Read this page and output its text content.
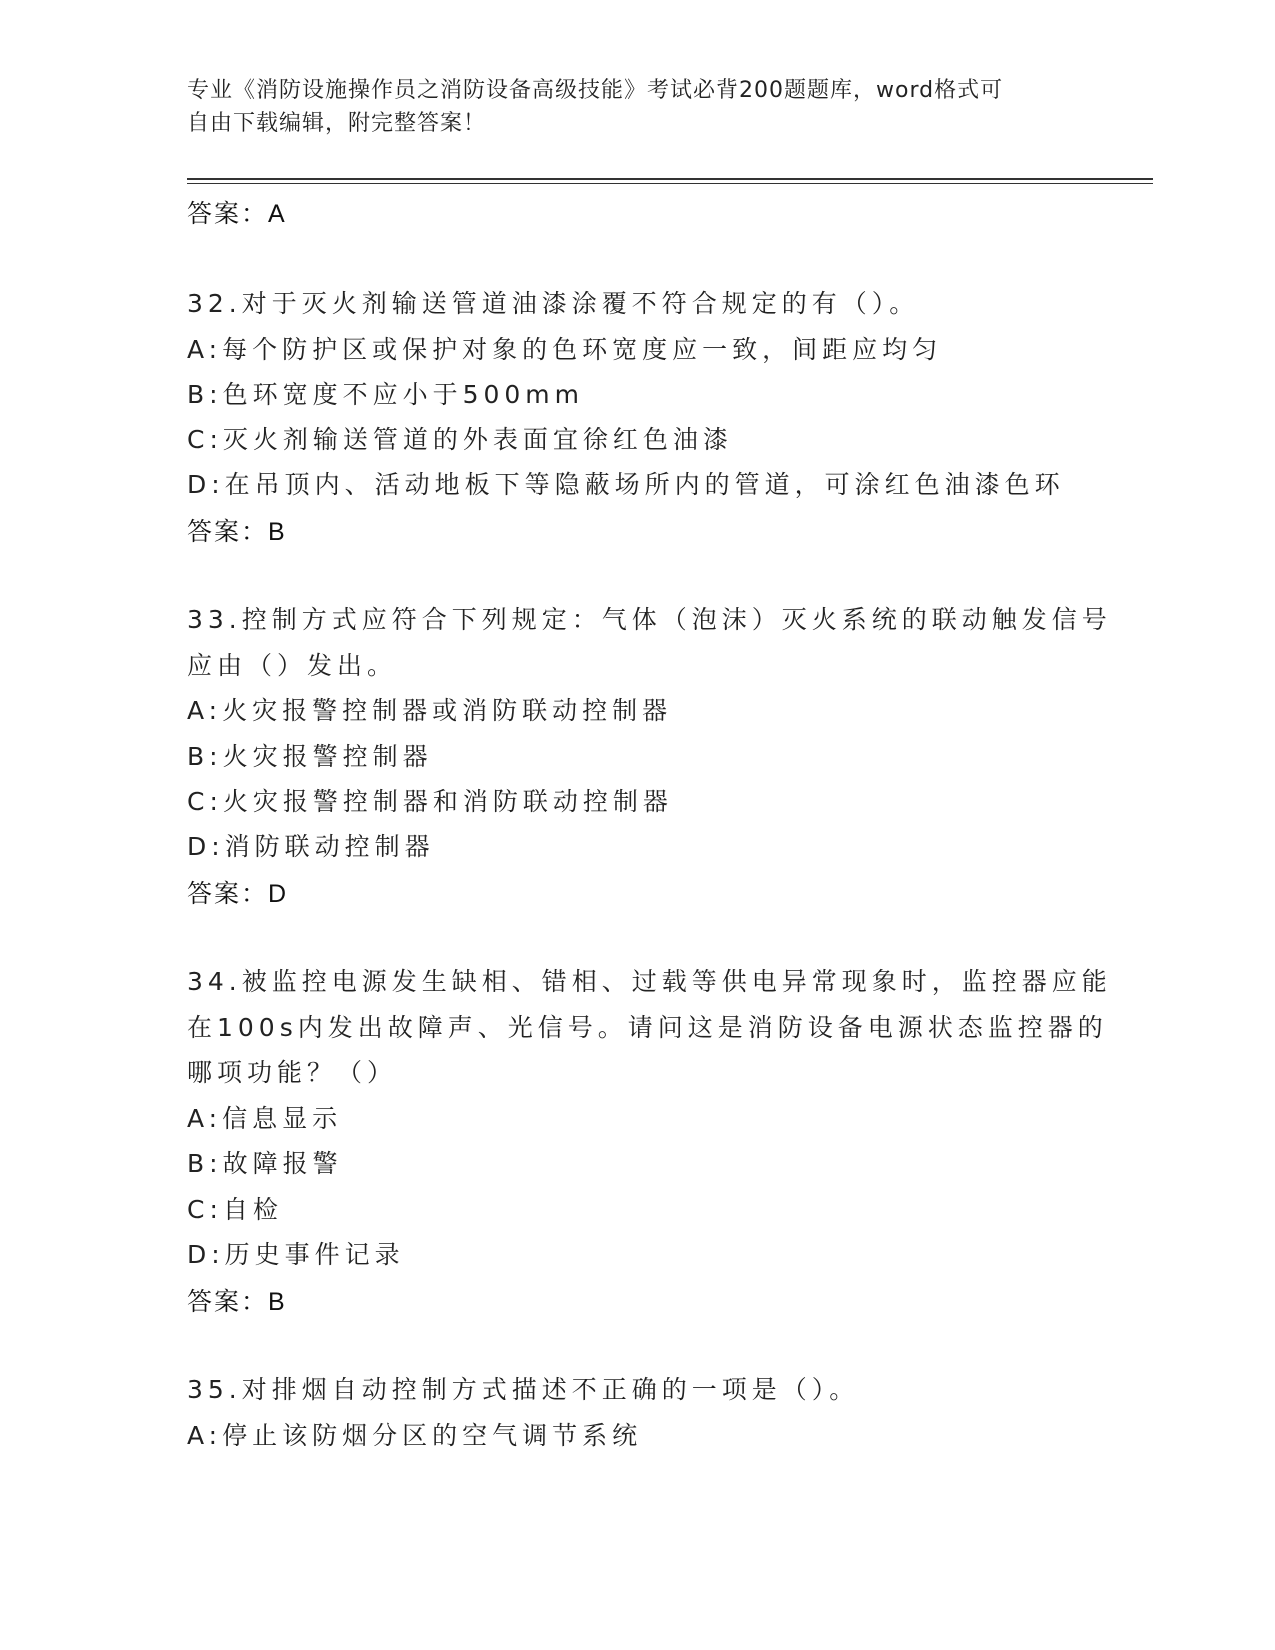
专业《消防设施操作员之消防设备高级技能》考试必背200题题库，word格式可
自由下载编辑，附完整答案！
答案：A
32.对于灭火剂输送管道油漆涂覆不符合规定的有（）。
A:每个防护区或保护对象的色环宽度应一致，间距应均匀
B:色环宽度不应小于500mm
C:灭火剂输送管道的外表面宜徐红色油漆
D:在吊顶内、活动地板下等隐蔽场所内的管道，可涂红色油漆色环
答案：B
33.控制方式应符合下列规定：气体（泡沫）灭火系统的联动触发信号
应由（）发出。
A:火灾报警控制器或消防联动控制器
B:火灾报警控制器
C:火灾报警控制器和消防联动控制器
D:消防联动控制器
答案：D
34.被监控电源发生缺相、错相、过载等供电异常现象时，监控器应能
在100s内发出故障声、光信号。请问这是消防设备电源状态监控器的
哪项功能？（）
A:信息显示
B:故障报警
C:自检
D:历史事件记录
答案：B
35.对排烟自动控制方式描述不正确的一项是（）。
A:停止该防烟分区的空气调节系统
